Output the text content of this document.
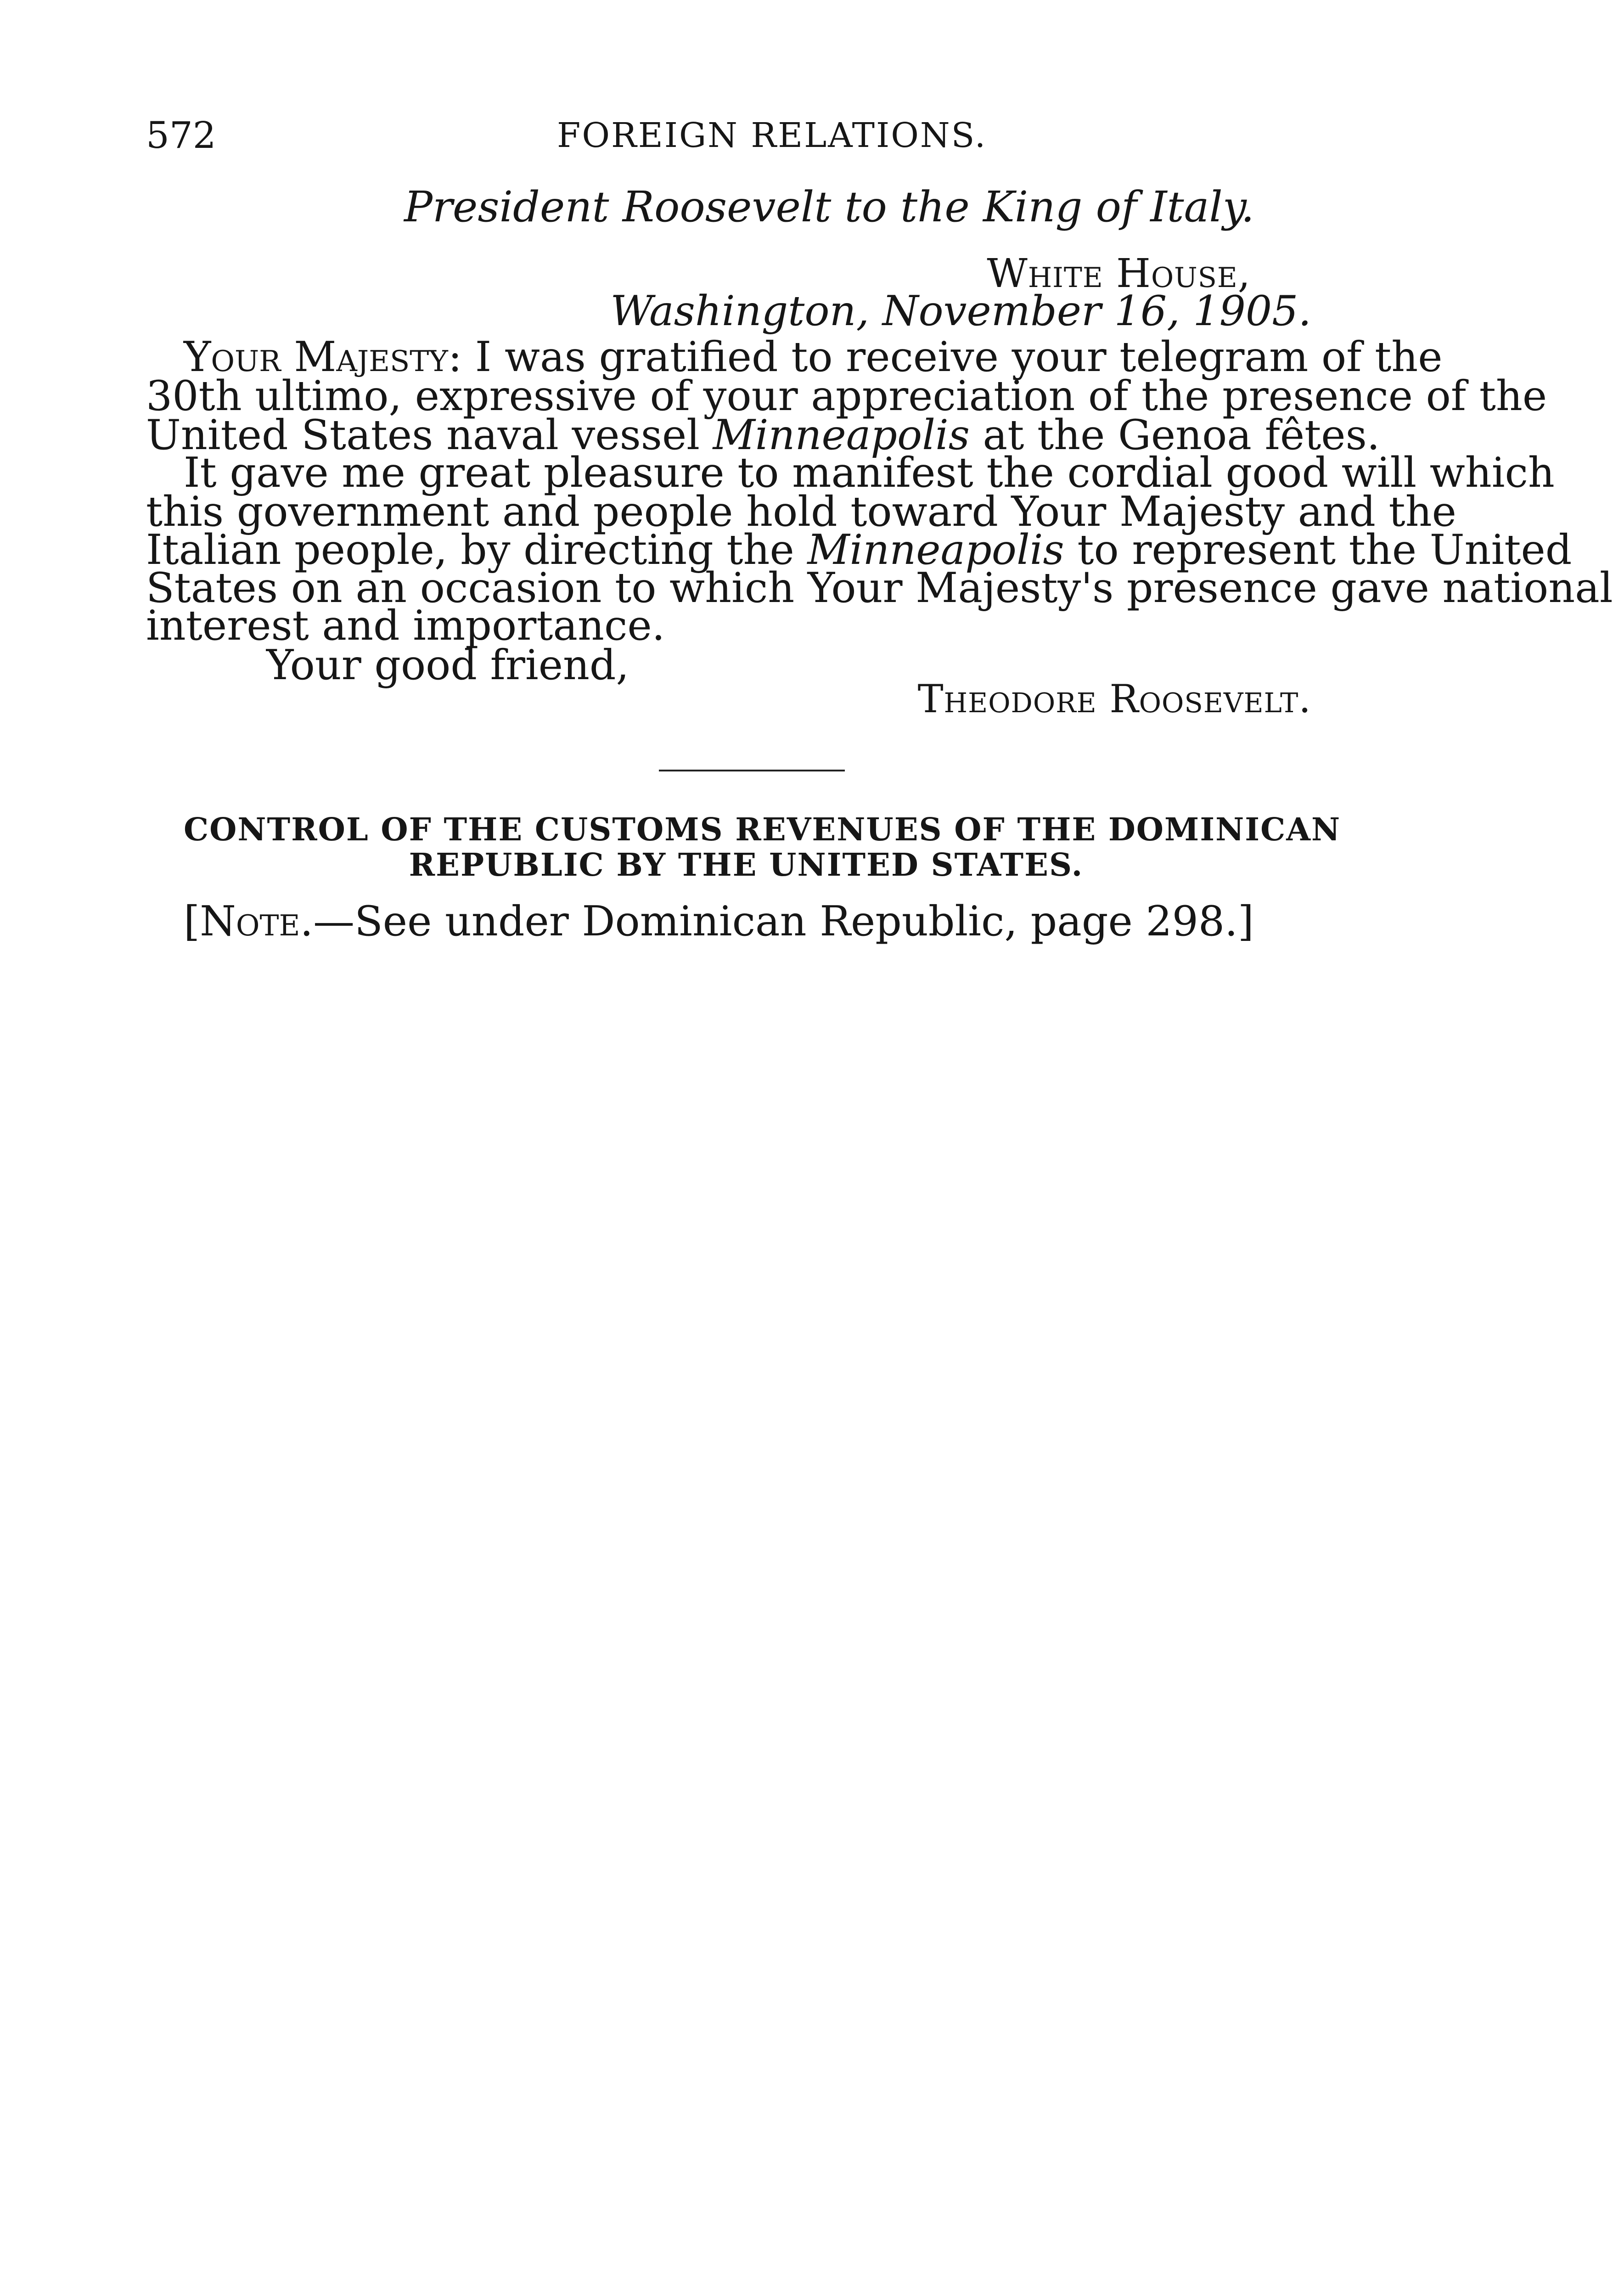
572	FOREIGN RELATIONS.
President Roosevelt to the King of Italy.
White House,
Washington, November 16, 1905.
Your Majesty: I was gratified to receive your telegram of the
30th ultimo, expressive of your appreciation of the presence of the
United States naval vessel Minneapolis at the Genoa fêtes.
It gave me great pleasure to manifest the cordial good will which
this government and people hold toward Your Majesty and the
Italian people, by directing the Minneapolis to represent the United
States on an occasion to which Your Majesty's presence gave national
interest and importance.
Your good friend,
Theodore Roosevelt.
CONTROL OF THE CUSTOMS REVENUES OF THE DOMINICAN
REPUBLIC BY THE UNITED STATES.
[Note.—See under Dominican Republic, page 298.]
